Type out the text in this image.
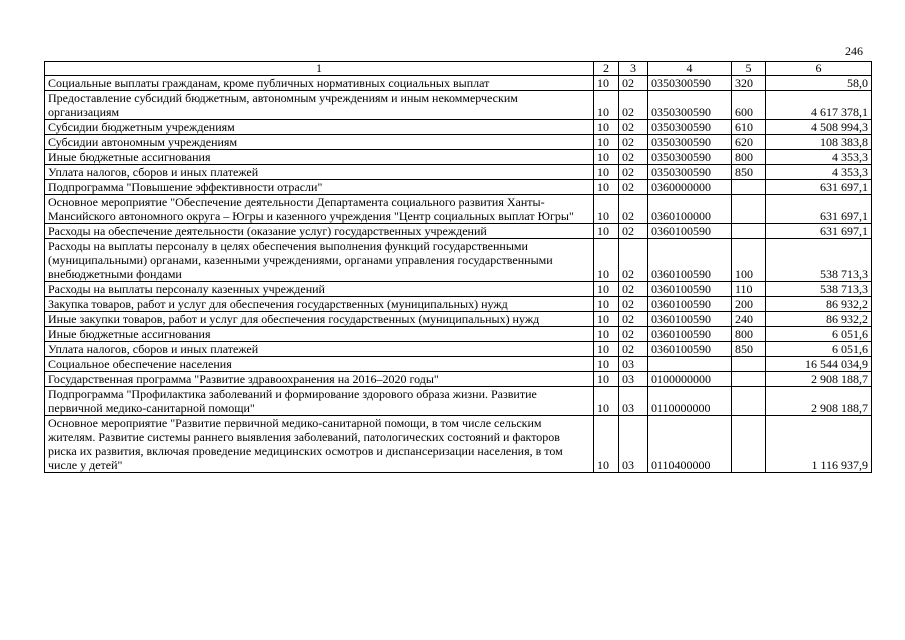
246
1	2	3	4	5	6
Социальные выплаты гражданам, кроме публичных нормативных социальных выплат	10	02	0350300590	320	58,0
Предоставление субсидий бюджетным, автономным учреждениям и иным некоммерческим организациям	10	02	0350300590	600	4 617 378,1
Субсидии бюджетным учреждениям	10	02	0350300590	610	4 508 994,3
Субсидии автономным учреждениям	10	02	0350300590	620	108 383,8
Иные бюджетные ассигнования	10	02	0350300590	800	4 353,3
Уплата налогов, сборов и иных платежей	10	02	0350300590	850	4 353,3
Подпрограмма "Повышение эффективности отрасли"	10	02	0360000000		631 697,1
Основное мероприятие "Обеспечение деятельности Департамента социального развития Ханты-Мансийского автономного округа – Югры и казенного учреждения "Центр социальных выплат Югры"	10	02	0360100000		631 697,1
Расходы на обеспечение деятельности (оказание услуг) государственных учреждений	10	02	0360100590		631 697,1
Расходы на выплаты персоналу в целях обеспечения выполнения функций государственными (муниципальными) органами, казенными учреждениями, органами управления государственными внебюджетными фондами	10	02	0360100590	100	538 713,3
Расходы на выплаты персоналу казенных учреждений	10	02	0360100590	110	538 713,3
Закупка товаров, работ и услуг для обеспечения государственных (муниципальных) нужд	10	02	0360100590	200	86 932,2
Иные закупки товаров, работ и услуг для обеспечения государственных (муниципальных) нужд	10	02	0360100590	240	86 932,2
Иные бюджетные ассигнования	10	02	0360100590	800	6 051,6
Уплата налогов, сборов и иных платежей	10	02	0360100590	850	6 051,6
Социальное обеспечение населения	10	03			16 544 034,9
Государственная программа "Развитие здравоохранения на 2016–2020 годы"	10	03	0100000000		2 908 188,7
Подпрограмма "Профилактика заболеваний и формирование здорового образа жизни. Развитие первичной медико-санитарной помощи"	10	03	0110000000		2 908 188,7
Основное мероприятие "Развитие первичной медико-санитарной помощи, в том числе сельским жителям. Развитие системы раннего выявления заболеваний, патологических состояний и факторов риска их развития, включая проведение медицинских осмотров и диспансеризации населения, в том числе у детей"	10	03	0110400000		1 116 937,9
